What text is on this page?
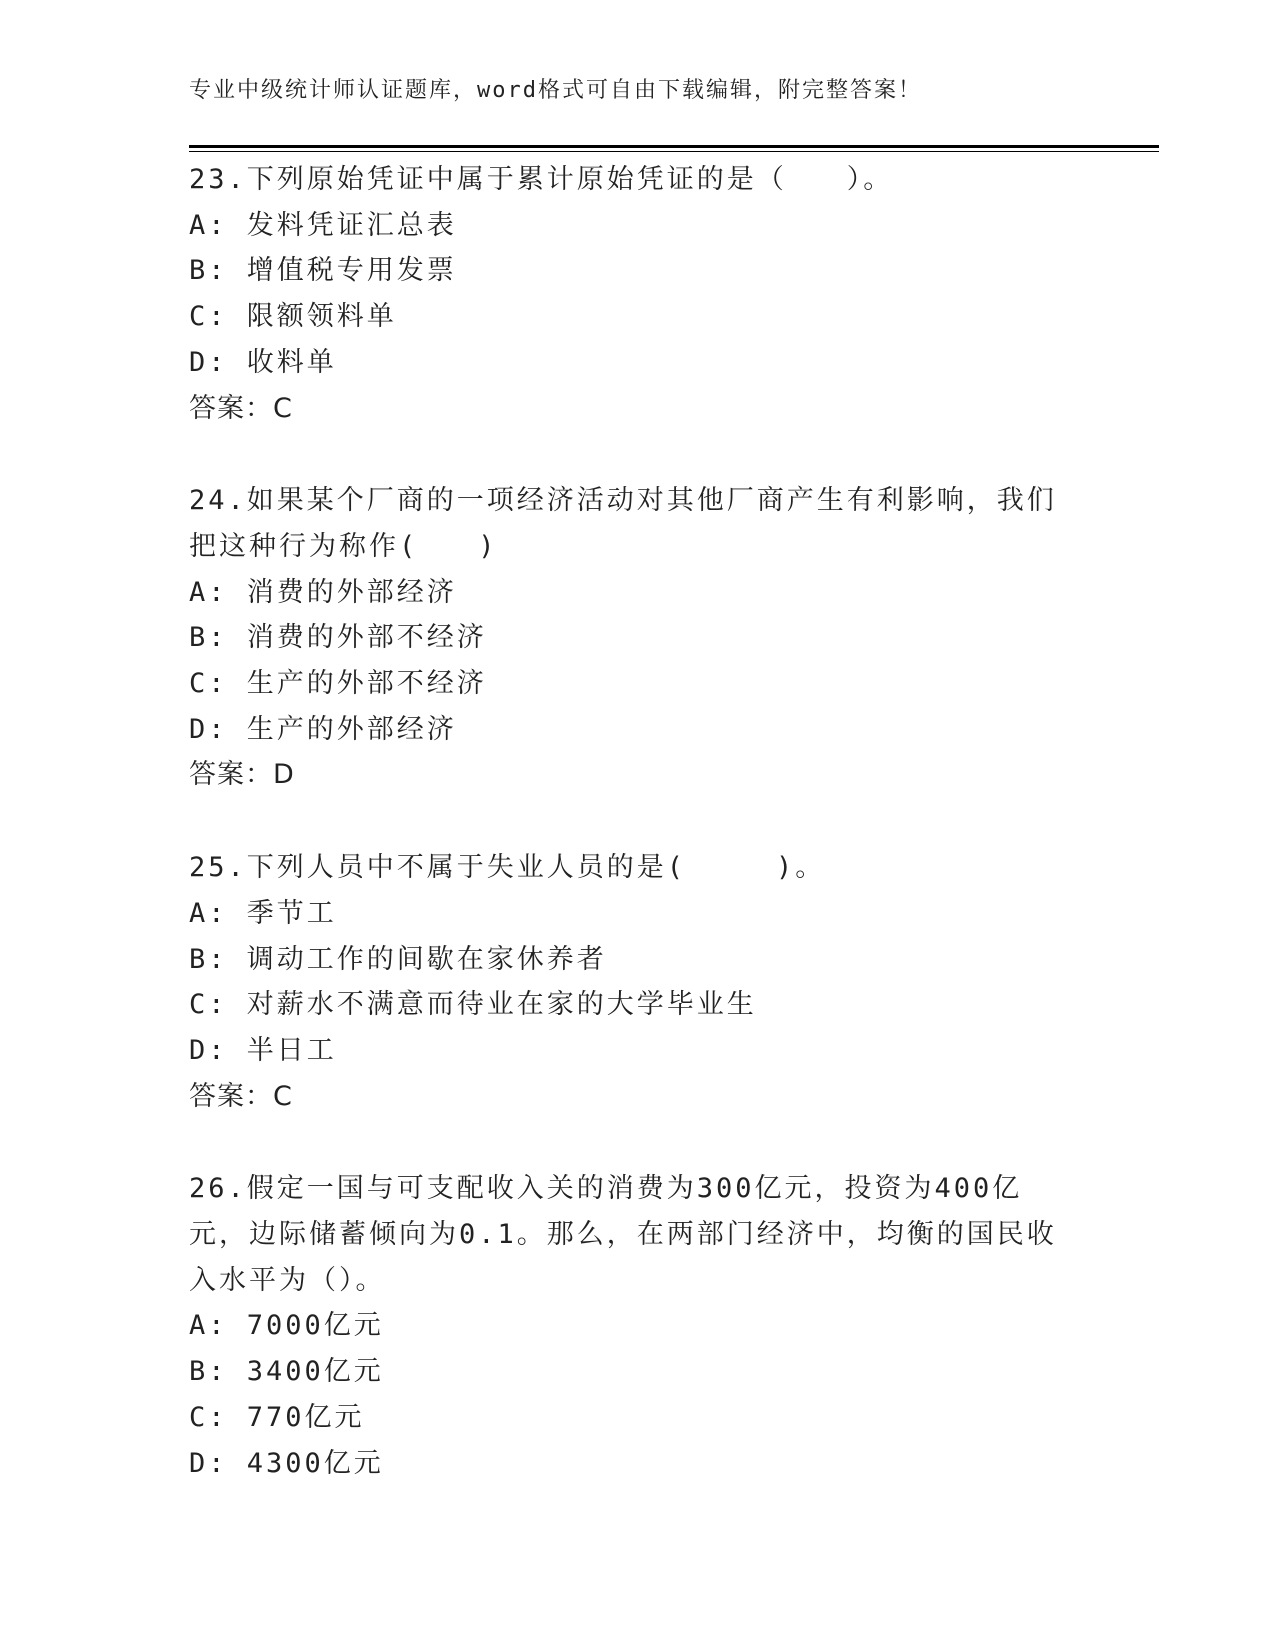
专业中级统计师认证题库，word格式可自由下载编辑，附完整答案！
23.下列原始凭证中属于累计原始凭证的是（　　）。
A: 发料凭证汇总表
B: 增值税专用发票
C: 限额领料单
D: 收料单
答案：C
24.如果某个厂商的一项经济活动对其他厂商产生有利影响，我们把这种行为称作(　　)
A: 消费的外部经济
B: 消费的外部不经济
C: 生产的外部不经济
D: 生产的外部经济
答案：D
25.下列人员中不属于失业人员的是(　　　)。
A: 季节工
B: 调动工作的间歇在家休养者
C: 对薪水不满意而待业在家的大学毕业生
D: 半日工
答案：C
26.假定一国与可支配收入关的消费为300亿元，投资为400亿元，边际储蓄倾向为0.1。那么，在两部门经济中，均衡的国民收入水平为（）。
A: 7000亿元
B: 3400亿元
C: 770亿元
D: 4300亿元
